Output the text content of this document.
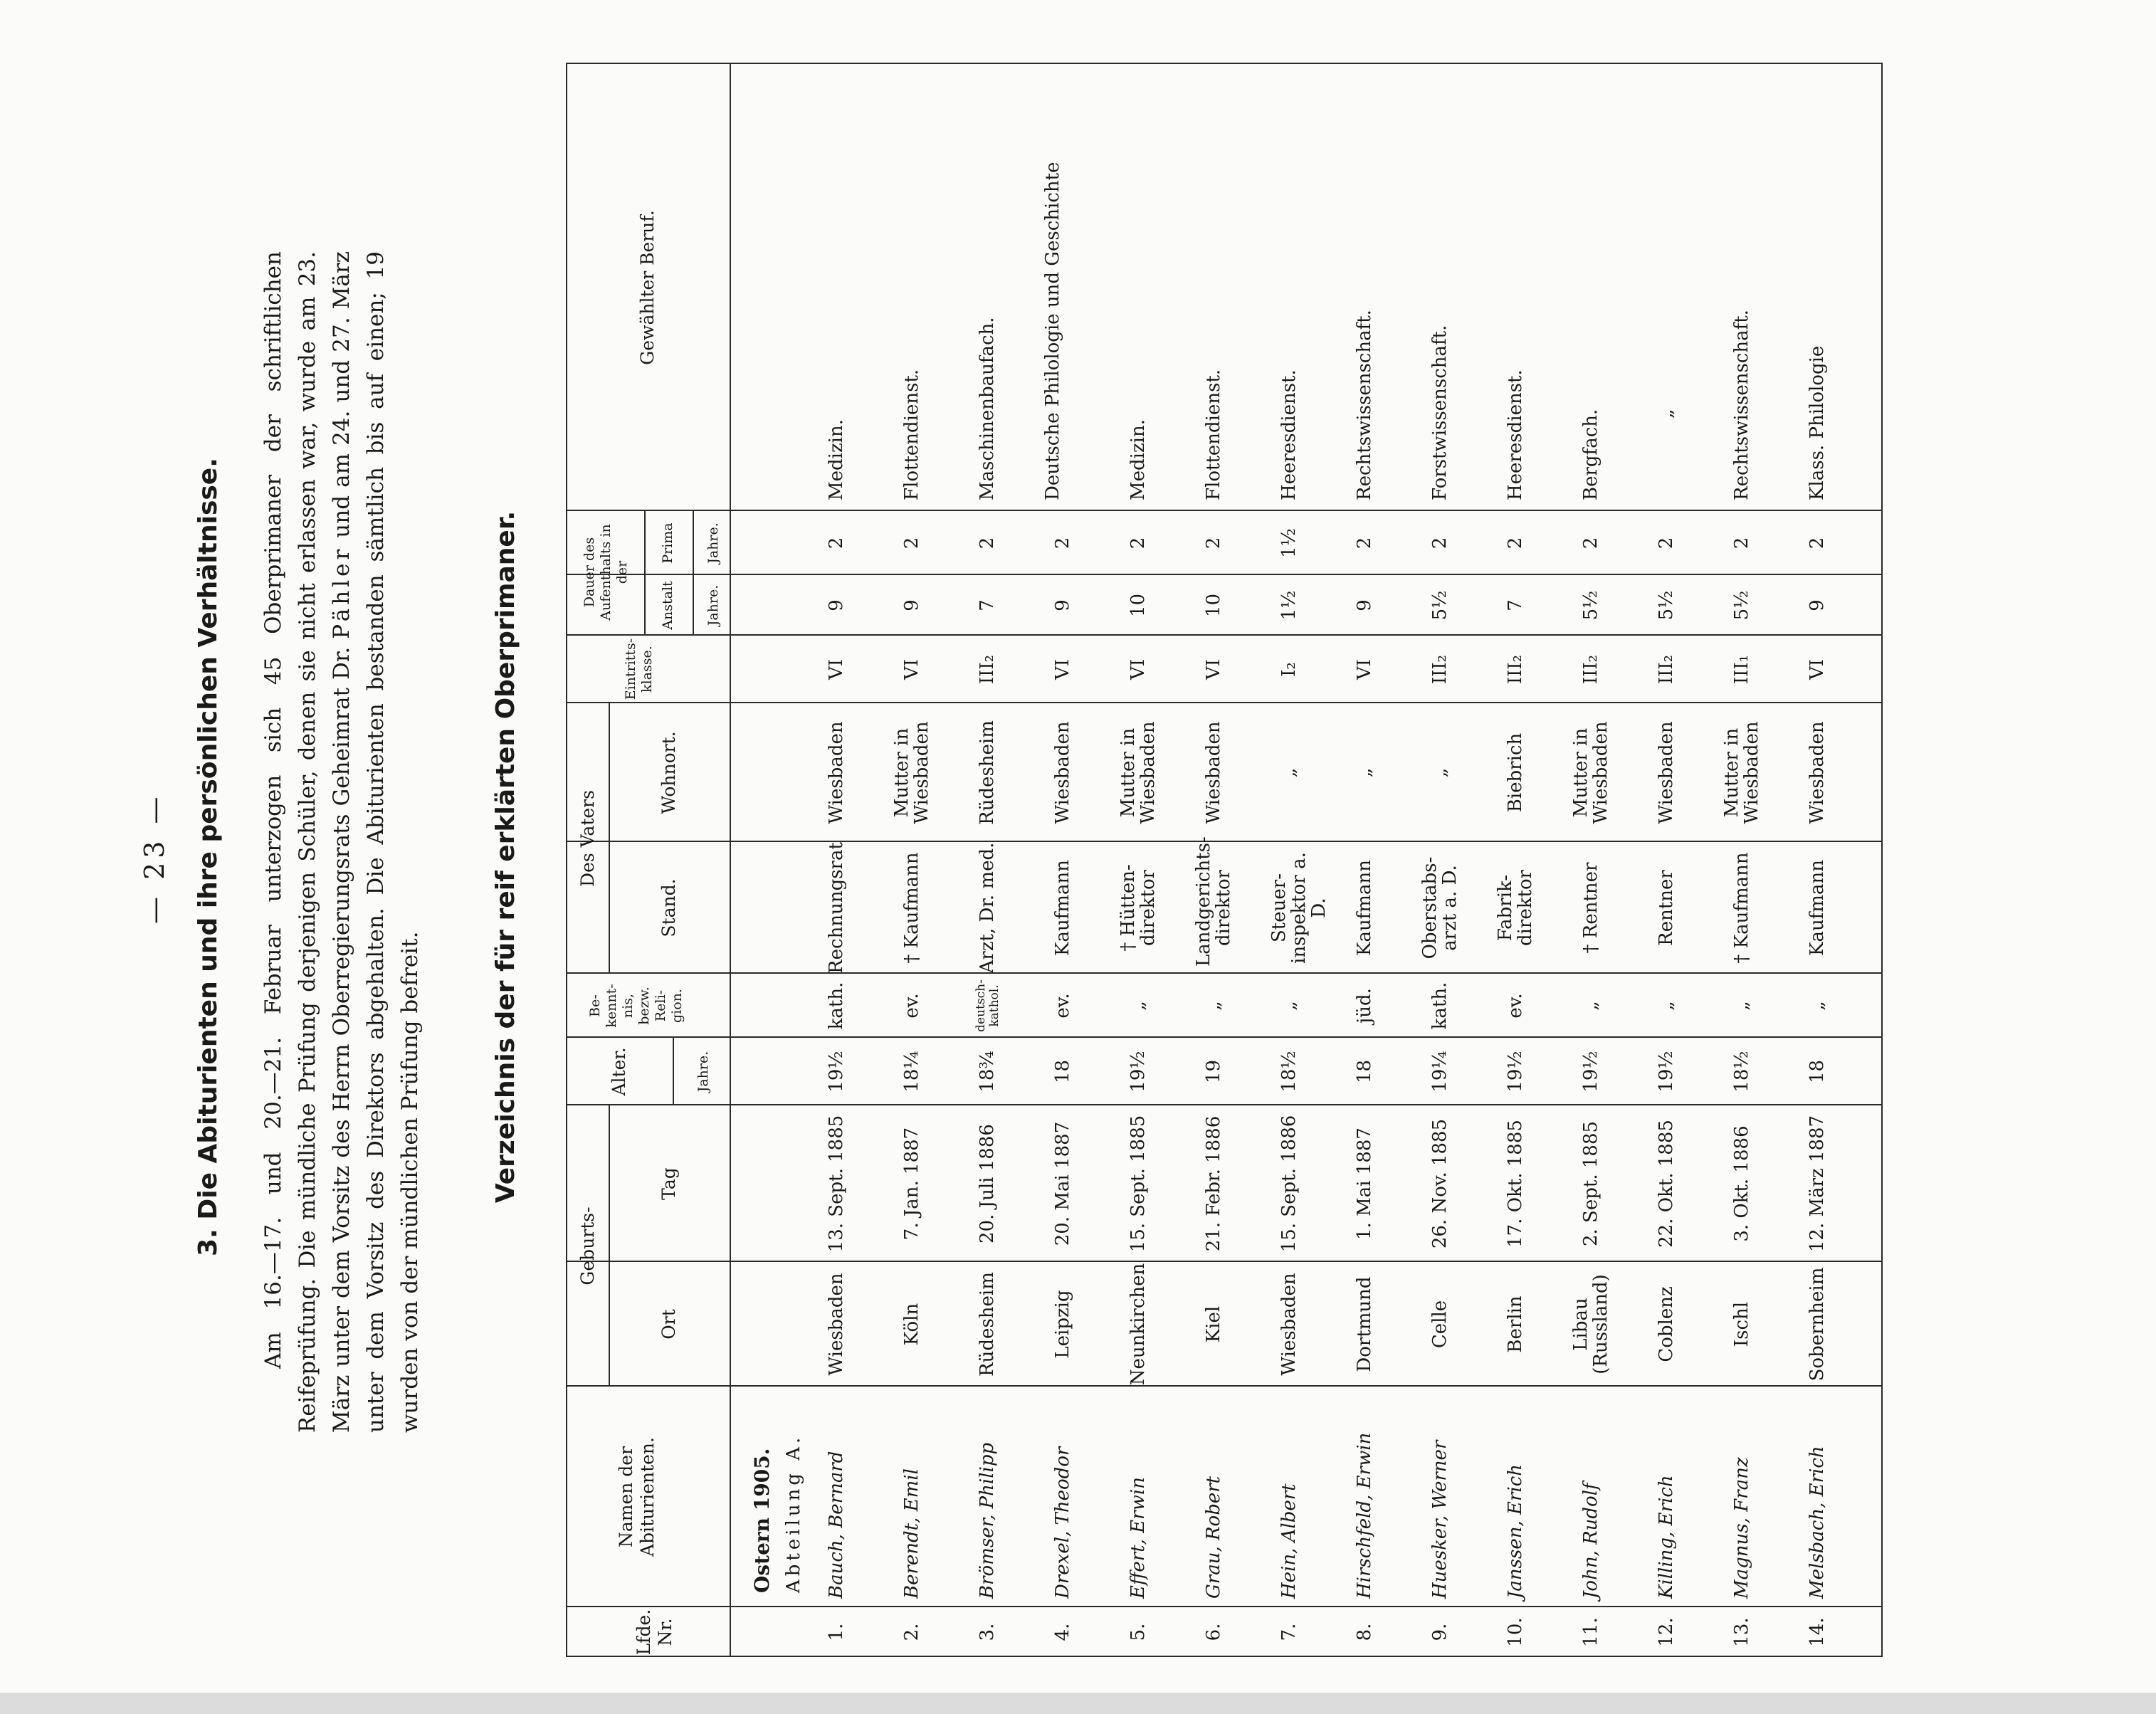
— 23 — 3. Die Abiturienten und ihre persönlichen Verhältnisse. Am 16.—17. und 20.—21. Februar unterzogen sich 45 Oberprimaner der schriftlichen Reifeprüfung. Die mündliche Prüfung derjenigen Schüler, denen sie nicht erlassen war, wurde am 23. März unter dem Vorsitz des Herrn Oberregierungsrats Geheimrat Dr. Pähler und am 24. und 27. März unter dem Vorsitz des Direktors abgehalten. Die Abiturienten bestanden sämtlich bis auf einen; 19 wurden von der mündlichen Prüfung befreit.	Verzeichnis der für reif erklärten Oberprimaner.
Lfde. Nr.
Namen der Abiturienten.
Geburts-
Ort
Tag
Alter.	Jahre.
Be- kennt- nis, bezw. Reli- gion.
Des Vaters
Stand.
Wohnort.
Eintritts- klasse.
Dauer des Aufenthalts in der
Anstalt
Prima
Jahre.
Jahre.
Gewählter Beruf.
Ostern 1905. Abteilung A.
1.
Bauch, Bernard
Wiesbaden
13. Sept. 1885
19½
kath.
Rechnungsrat
Wiesbaden
VI
9
2
Medizin.
2.
Berendt, Emil
Köln
7. Jan. 1887
18¼
ev.
† Kaufmann
Mutter in Wiesbaden
VI
9
2
Flottendienst.
3.
Brömser, Philipp
Rüdesheim
20. Juli 1886
18¾
deutsch-kathol.
Arzt, Dr. med.
Rüdesheim
III₂
7
2
Maschinenbaufach.
4.
Drexel, Theodor
Leipzig
20. Mai 1887
18
ev.
Kaufmann
Wiesbaden
VI
9
2
Deutsche Philologie und Geschichte
5.
Effert, Erwin
Neunkirchen
15. Sept. 1885
19½
„
† Hütten-direktor
Mutter in Wiesbaden
VI
10
2
Medizin.
6.
Grau, Robert
Kiel
21. Febr. 1886
19
„
Landgerichts-direktor
Wiesbaden
VI
10
2
Flottendienst.
7.
Hein, Albert
Wiesbaden
15. Sept. 1886
18½
„
Steuer-inspektor a. D.
„
I₂
1½
1½
Heeresdienst.
8.
Hirschfeld, Erwin
Dortmund
1. Mai 1887
18
jüd.
Kaufmann
„
VI
9
2
Rechtswissenschaft.
9.
Huesker, Werner
Celle
26. Nov. 1885
19¼
kath.
Oberstabs-arzt a. D.
„
III₂
5½
2
Forstwissenschaft.
10.
Janssen, Erich
Berlin
17. Okt. 1885
19½
ev.
Fabrik-direktor
Biebrich
III₂
7
2
Heeresdienst.
11.
John, Rudolf
Libau (Russland)
2. Sept. 1885
19½
„
† Rentner
Mutter in Wiesbaden
III₂
5½
2
Bergfach.
12.
Killing, Erich
Coblenz
22. Okt. 1885
19½
„
Rentner
Wiesbaden
III₂
5½
2
„
13.
Magnus, Franz
Ischl
3. Okt. 1886
18½
„
† Kaufmann
Mutter in Wiesbaden
III₁
5½
2
Rechtswissenschaft.
14.
Melsbach, Erich
Sobernheim
12. März 1887
18
„
Kaufmann
Wiesbaden
VI
9
2
Klass. Philologie
